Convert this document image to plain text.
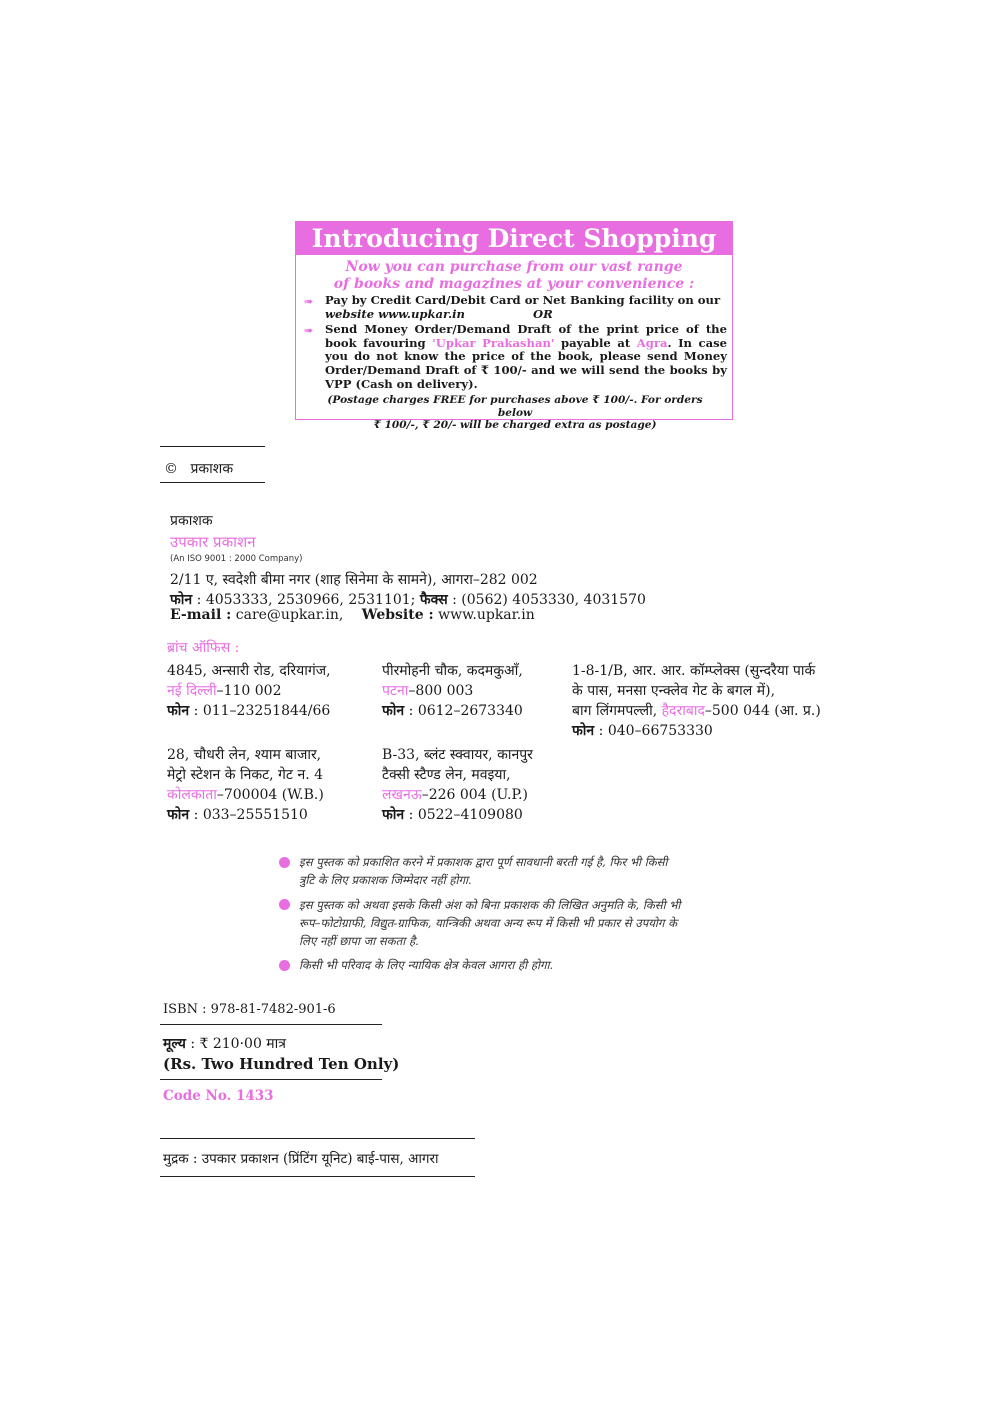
Introducing Direct Shopping
Now you can purchase from our vast range
of books and magazines at your convenience :
➠ Pay by Credit Card/Debit Card or Net Banking facility on our
website www.upkar.in	OR
➠ Send Money Order/Demand Draft of the print price of the book favouring 'Upkar Prakashan' payable at Agra. In case you do not know the price of the book, please send Money Order/Demand Draft of ₹ 100/- and we will send the books by VPP (Cash on delivery).
(Postage charges FREE for purchases above ₹ 100/-. For orders below
₹ 100/-, ₹ 20/- will be charged extra as postage)
© प्रकाशक
प्रकाशक
उपकार प्रकाशन
(An ISO 9001 : 2000 Company)
2/11 ए, स्वदेशी बीमा नगर (शाह सिनेमा के सामने), आगरा–282 002
फोन : 4053333, 2530966, 2531101; फैक्स : (0562) 4053330, 4031570
E-mail : care@upkar.in, Website : www.upkar.in
ब्रांच ऑफिस :
4845, अन्सारी रोड, दरियागंज,
नई दिल्ली–110 002
फोन : 011–23251844/66
पीरमोहनी चौक, कदमकुआँ,
पटना–800 003
फोन : 0612–2673340
1-8-1/B, आर. आर. कॉम्प्लेक्स (सुन्दरैया पार्क
के पास, मनसा एन्क्लेव गेट के बगल में),
बाग लिंगमपल्ली, हैदराबाद–500 044 (आ. प्र.)
फोन : 040–66753330
28, चौधरी लेन, श्याम बाजार,
मेट्रो स्टेशन के निकट, गेट न. 4
कोलकाता–700004 (W.B.)
फोन : 033–25551510
B-33, ब्लंट स्क्वायर, कानपुर
टैक्सी स्टैण्ड लेन, मवइया,
लखनऊ–226 004 (U.P.)
फोन : 0522–4109080
इस पुस्तक को प्रकाशित करने में प्रकाशक द्वारा पूर्ण सावधानी बरती गई है, फिर भी किसी
त्रुटि के लिए प्रकाशक जिम्मेदार नहीं होगा.
इस पुस्तक को अथवा इसके किसी अंश को बिना प्रकाशक की लिखित अनुमति के, किसी भी
रूप–फोटोग्राफी, विद्युत-ग्राफिक, यान्त्रिकी अथवा अन्य रूप में किसी भी प्रकार से उपयोग के
लिए नहीं छापा जा सकता है.
किसी भी परिवाद के लिए न्यायिक क्षेत्र केवल आगरा ही होगा.
ISBN : 978-81-7482-901-6
मूल्य : ₹ 210·00 मात्र
(Rs. Two Hundred Ten Only)
Code No. 1433
मुद्रक : उपकार प्रकाशन (प्रिंटिंग यूनिट) बाई-पास, आगरा
